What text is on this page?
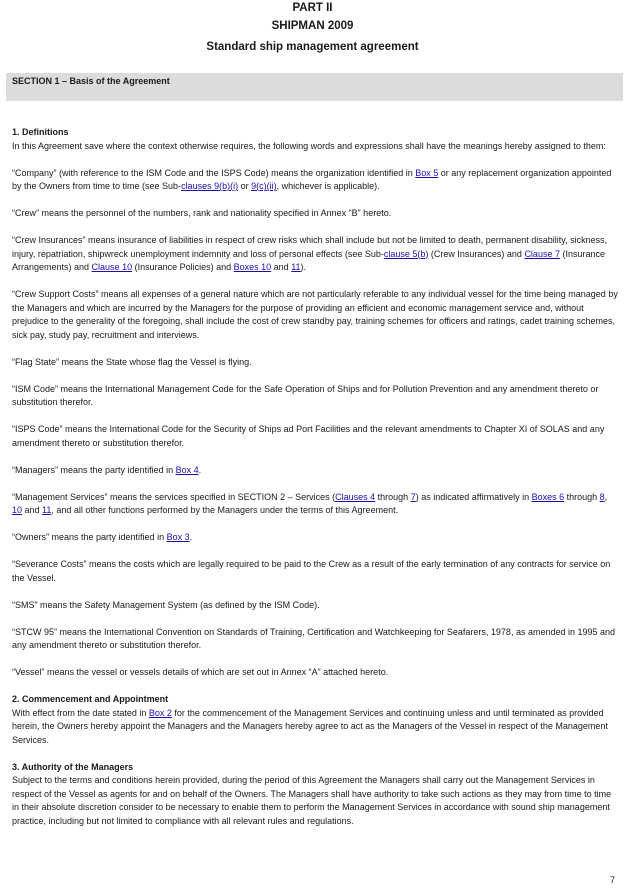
PART II
SHIPMAN 2009
Standard ship management agreement
SECTION 1 – Basis of the Agreement
1. Definitions

In this Agreement save where the context otherwise requires, the following words and expressions shall have the meanings hereby assigned to them:

“Company” (with reference to the ISM Code and the ISPS Code) means the organization identified in Box 5 or any replacement organization appointed by the Owners from time to time (see Sub-clauses 9(b)(i) or 9(c)(ii), whichever is applicable).

“Crew” means the personnel of the numbers, rank and nationality specified in Annex “B” hereto.

“Crew Insurances” means insurance of liabilities in respect of crew risks which shall include but not be limited to death, permanent disability, sickness, injury, repatriation, shipwreck unemployment indemnity and loss of personal effects (see Sub-clause 5(b) (Crew Insurances) and Clause 7 (Insurance Arrangements) and Clause 10 (Insurance Policies) and Boxes 10 and 11).

“Crew Support Costs” means all expenses of a general nature which are not particularly referable to any individual vessel for the time being managed by the Managers and which are incurred by the Managers for the purpose of providing an efficient and economic management service and, without prejudice to the generality of the foregoing, shall include the cost of crew standby pay, training schemes for officers and ratings, cadet training schemes, sick pay, study pay, recruitment and interviews.

“Flag State” means the State whose flag the Vessel is flying.

“ISM Code” means the International Management Code for the Safe Operation of Ships and for Pollution Prevention and any amendment thereto or substitution therefor.

“ISPS Code” means the International Code for the Security of Ships ad Port Facilities and the relevant amendments to Chapter XI of SOLAS and any amendment thereto or substitution therefor.

“Managers” means the party identified in Box 4.

“Management Services” means the services specified in SECTION 2 – Services (Clauses 4 through 7) as indicated affirmatively in Boxes 6 through 8, 10 and 11, and all other functions performed by the Managers under the terms of this Agreement.

“Owners” means the party identified in Box 3.

“Severance Costs” means the costs which are legally required to be paid to the Crew as a result of the early termination of any contracts for service on the Vessel.

“SMS” means the Safety Management System (as defined by the ISM Code).

“STCW 95” means the International Convention on Standards of Training, Certification and Watchkeeping for Seafarers, 1978, as amended in 1995 and any amendment thereto or substitution therefor.

“Vessel” means the vessel or vessels details of which are set out in Annex “A” attached hereto.

2. Commencement and Appointment

With effect from the date stated in Box 2 for the commencement of the Management Services and continuing unless and until terminated as provided herein, the Owners hereby appoint the Managers and the Managers hereby agree to act as the Managers of the Vessel in respect of the Management Services.

3. Authority of the Managers

Subject to the terms and conditions herein provided, during the period of this Agreement the Managers shall carry out the Management Services in respect of the Vessel as agents for and on behalf of the Owners. The Managers shall have authority to take such actions as they may from time to time in their absolute discretion consider to be necessary to enable them to perform the Management Services in accordance with sound ship management practice, including but not limited to compliance with all relevant rules and regulations.

7
